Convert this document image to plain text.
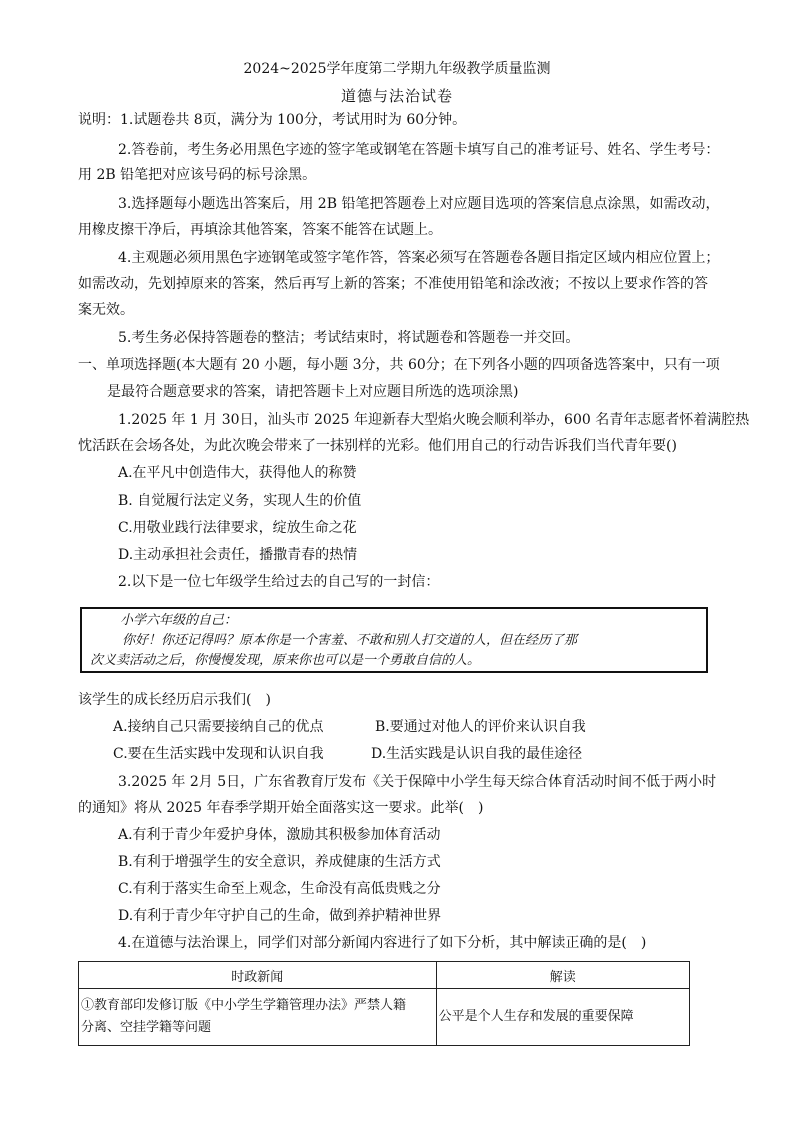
2024~2025学年度第二学期九年级教学质量监测
道德与法治试卷
说明：1.试题卷共 8页，满分为 100分，考试用时为 60分钟。
2.答卷前，考生务必用黑色字迹的签字笔或钢笔在答题卡填写自己的准考证号、姓名、学生考号：
用 2B 铅笔把对应该号码的标号涂黑。
3.选择题每小题选出答案后，用 2B 铅笔把答题卷上对应题目选项的答案信息点涂黑，如需改动，
用橡皮擦干净后，再填涂其他答案，答案不能答在试题上。
4.主观题必须用黑色字迹钢笔或签字笔作答，答案必须写在答题卷各题目指定区域内相应位置上；
如需改动，先划掉原来的答案，然后再写上新的答案；不准使用铅笔和涂改液；不按以上要求作答的答
案无效。
5.考生务必保持答题卷的整洁；考试结束时，将试题卷和答题卷一并交回。
一、单项选择题(本大题有 20 小题，每小题 3分，共 60分；在下列各小题的四项备选答案中，只有一项
是最符合题意要求的答案，请把答题卡上对应题目所选的选项涂黑)
1.2025 年 1 月 30日，汕头市 2025 年迎新春大型焰火晚会顺利举办，600 名青年志愿者怀着满腔热
忱活跃在会场各处，为此次晚会带来了一抹别样的光彩。他们用自己的行动告诉我们当代青年要()
A.在平凡中创造伟大，获得他人的称赞
B. 自觉履行法定义务，实现人生的价值
C.用敬业践行法律要求，绽放生命之花
D.主动承担社会责任，播撒青春的热情
2.以下是一位七年级学生给过去的自己写的一封信：
小学六年级的自己：
你好！你还记得吗？原本你是一个害羞、不敢和别人打交道的人，但在经历了那
次义卖活动之后，你慢慢发现，原来你也可以是一个勇敢自信的人。
该学生的成长经历启示我们(　)
A.接纳自己只需要接纳自己的优点	B.要通过对他人的评价来认识自我
C.要在生活实践中发现和认识自我	D.生活实践是认识自我的最佳途径
3.2025 年 2月 5日，广东省教育厅发布《关于保障中小学生每天综合体育活动时间不低于两小时
的通知》将从 2025 年春季学期开始全面落实这一要求。此举(　)
A.有利于青少年爱护身体，激励其积极参加体育活动
B.有利于增强学生的安全意识，养成健康的生活方式
C.有利于落实生命至上观念，生命没有高低贵贱之分
D.有利于青少年守护自己的生命，做到养护精神世界
4.在道德与法治课上，同学们对部分新闻内容进行了如下分析，其中解读正确的是(　)
时政新闻	解读

①教育部印发修订版《中小学生学籍管理办法》严禁人籍
分离、空挂学籍等问题	公平是个人生存和发展的重要保障
